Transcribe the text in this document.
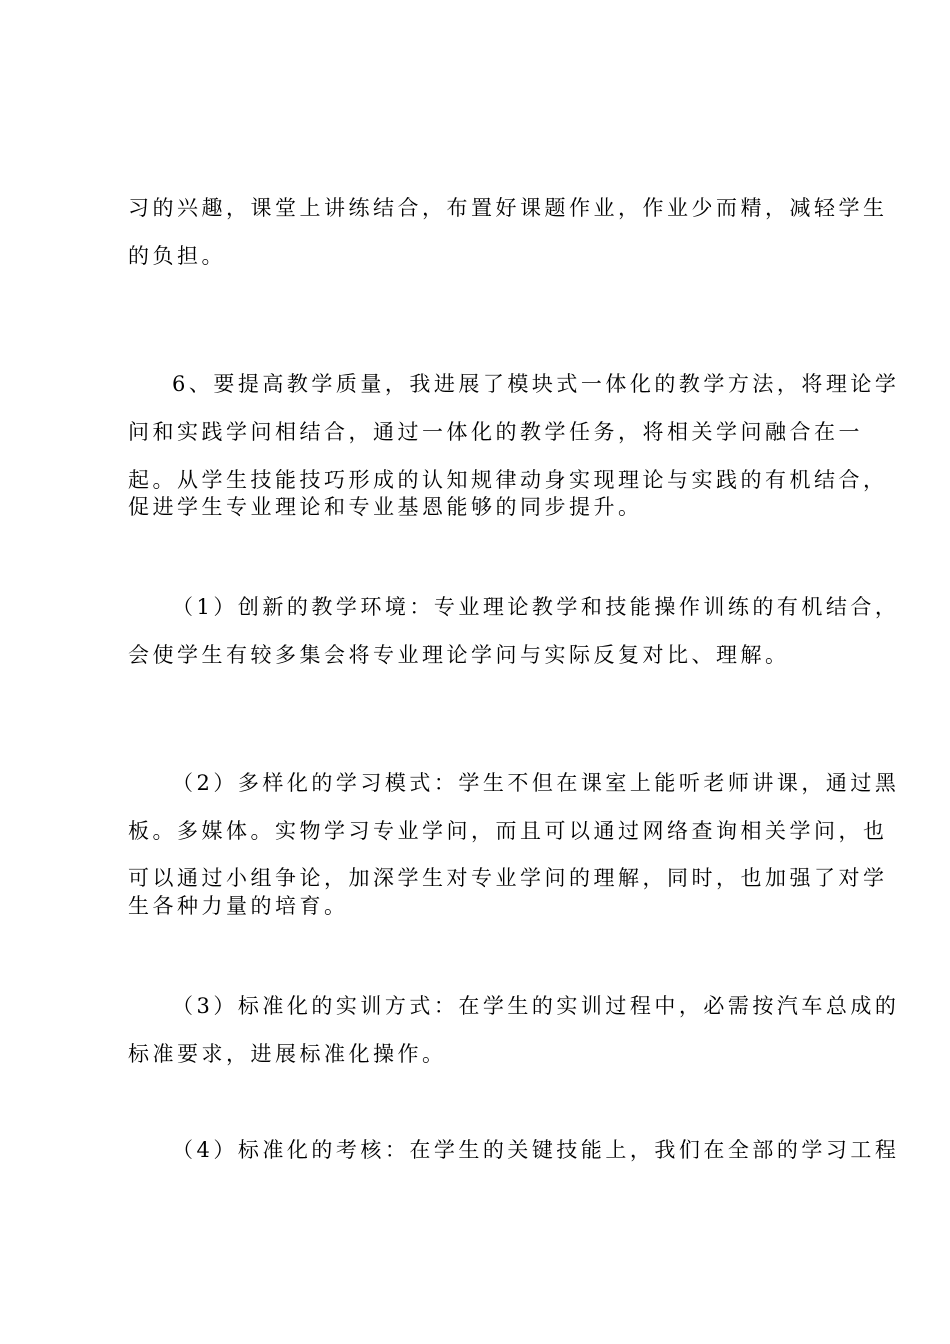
习的兴趣，课堂上讲练结合，布置好课题作业，作业少而精，减轻学生
的负担。
6、要提高教学质量，我进展了模块式一体化的教学方法，将理论学
问和实践学问相结合，通过一体化的教学任务，将相关学问融合在一
起。从学生技能技巧形成的认知规律动身实现理论与实践的有机结合，
促进学生专业理论和专业基恩能够的同步提升。
（1）创新的教学环境：专业理论教学和技能操作训练的有机结合，
会使学生有较多集会将专业理论学问与实际反复对比、理解。
（2）多样化的学习模式：学生不但在课室上能听老师讲课，通过黑
板。多媒体。实物学习专业学问，而且可以通过网络查询相关学问，也
可以通过小组争论，加深学生对专业学问的理解，同时，也加强了对学
生各种力量的培育。
（3）标准化的实训方式：在学生的实训过程中，必需按汽车总成的
标准要求，进展标准化操作。
（4）标准化的考核：在学生的关键技能上，我们在全部的学习工程
